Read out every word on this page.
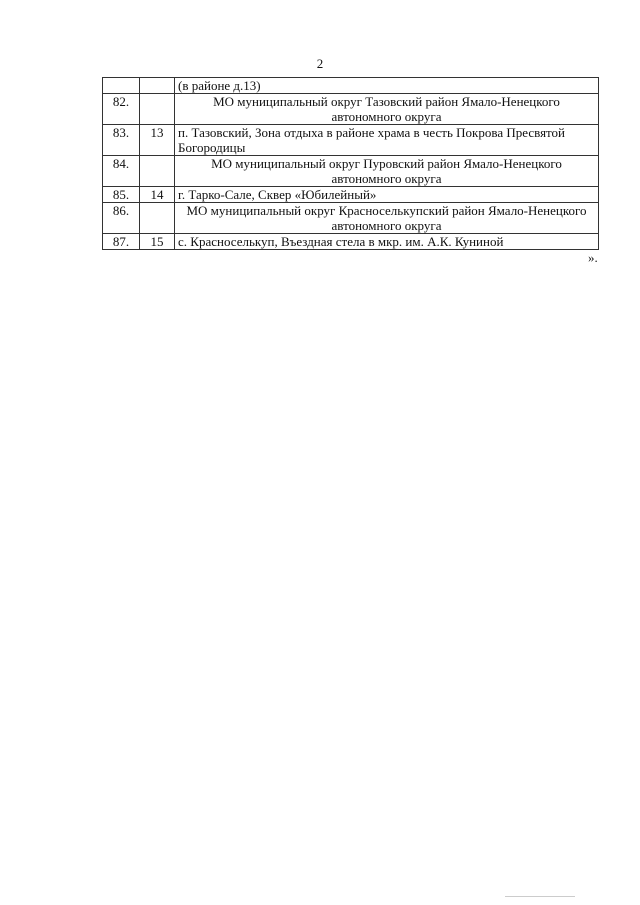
2
		(в районе д.13)
82.		МО муниципальный округ Тазовский район Ямало-Ненецкого автономного округа
83.	13	п. Тазовский, Зона отдыха в районе храма в честь Покрова Пресвятой Богородицы
84.		МО муниципальный округ Пуровский район Ямало-Ненецкого автономного округа
85.	14	г. Тарко-Сале, Сквер «Юбилейный»
86.		МО муниципальный округ Красноселькупский район Ямало-Ненецкого автономного округа
87.	15	с. Красноселькуп, Въездная стела в мкр. им. А.К. Куниной
».
